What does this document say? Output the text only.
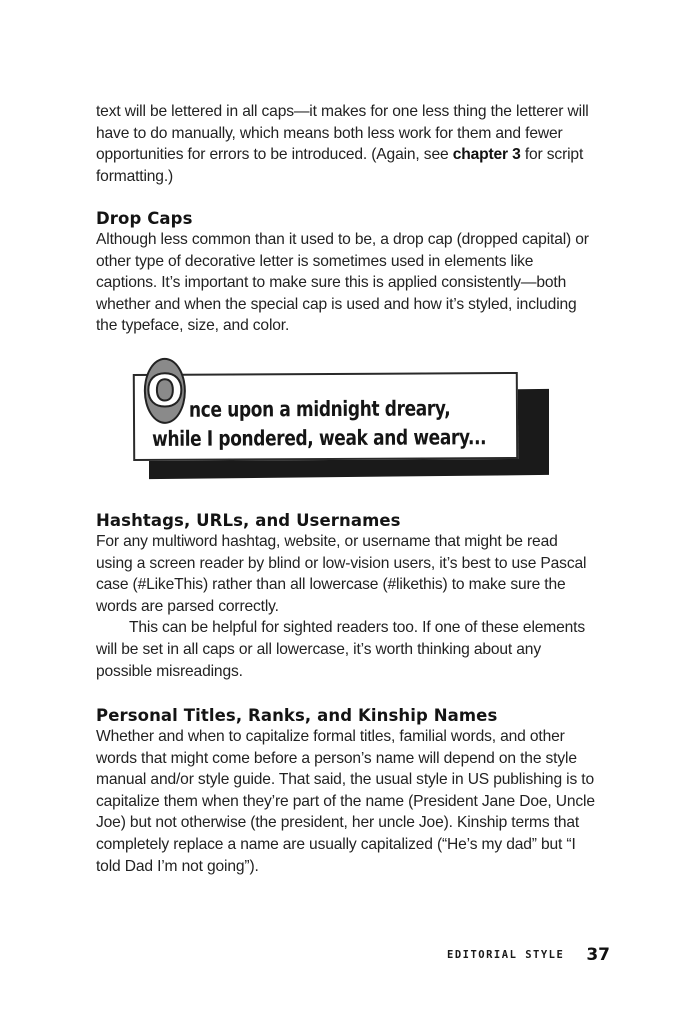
text will be lettered in all caps—it makes for one less thing the letterer will have to do manually, which means both less work for them and fewer opportunities for errors to be introduced. (Again, see chapter 3 for script formatting.)

Drop Caps

Although less common than it used to be, a drop cap (dropped capital) or other type of decorative letter is sometimes used in elements like captions. It’s important to make sure this is applied consistently—both whether and when the special cap is used and how it’s styled, including the typeface, size, and color.

Hashtags, URLs, and Usernames

For any multiword hashtag, website, or username that might be read using a screen reader by blind or low-vision users, it’s best to use Pascal case (#LikeThis) rather than all lowercase (#likethis) to make sure the words are parsed correctly.

This can be helpful for sighted readers too. If one of these elements will be set in all caps or all lowercase, it’s worth thinking about any possible misreadings.

Personal Titles, Ranks, and Kinship Names

Whether and when to capitalize formal titles, familial words, and other words that might come before a person’s name will depend on the style manual and/or style guide. That said, the usual style in US publishing is to capitalize them when they’re part of the name (President Jane Doe, Uncle Joe) but not otherwise (the president, her uncle Joe). Kinship terms that completely replace a name are usually capitalized (“He’s my dad” but “I told Dad I’m not going”).

O nce upon a midnight dreary,
while I pondered, weak and weary...
EDITORIAL STYLE 37
